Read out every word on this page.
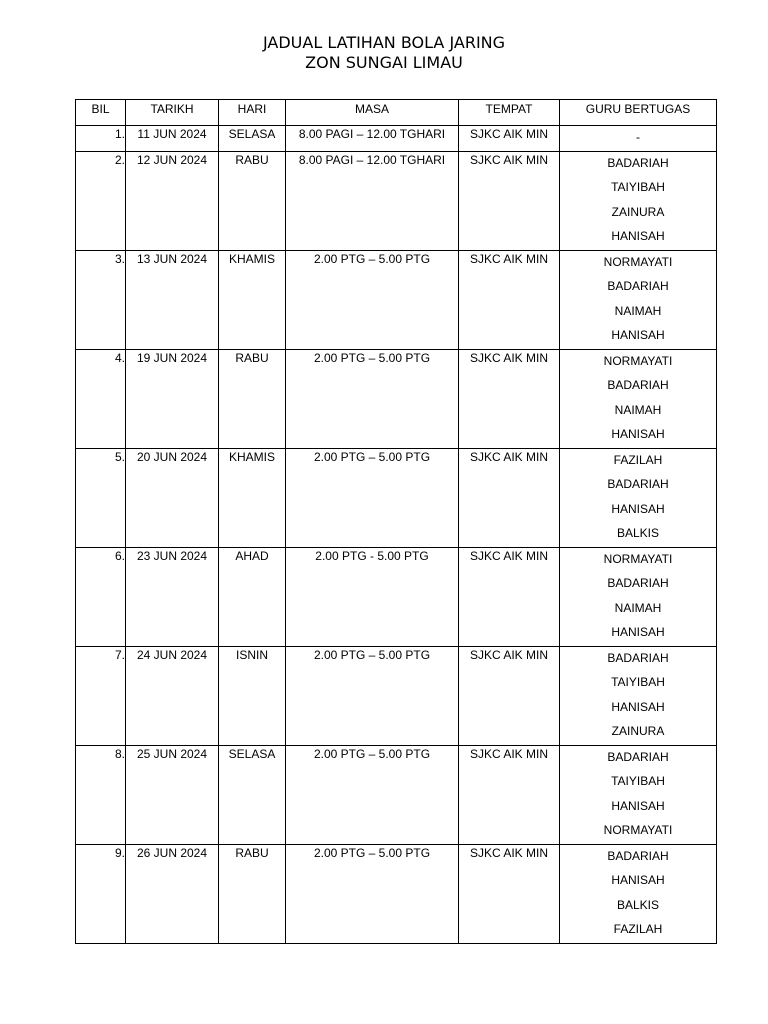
JADUAL LATIHAN BOLA JARING
ZON SUNGAI LIMAU
BIL	TARIKH	HARI	MASA	TEMPAT	GURU BERTUGAS
1.	11 JUN 2024	SELASA	8.00 PAGI – 12.00 TGHARI	SJKC AIK MIN	-

2.	12 JUN 2024	RABU	8.00 PAGI – 12.00 TGHARI	SJKC AIK MIN	BADARIAH
TAIYIBAH
ZAINURA
HANISAH

3.	13 JUN 2024	KHAMIS	2.00 PTG – 5.00 PTG	SJKC AIK MIN	NORMAYATI
BADARIAH
NAIMAH
HANISAH

4.	19 JUN 2024	RABU	2.00 PTG – 5.00 PTG	SJKC AIK MIN	NORMAYATI
BADARIAH
NAIMAH
HANISAH

5.	20 JUN 2024	KHAMIS	2.00 PTG – 5.00 PTG	SJKC AIK MIN	FAZILAH
BADARIAH
HANISAH
BALKIS

6.	23 JUN 2024	AHAD	2.00 PTG - 5.00 PTG	SJKC AIK MIN	NORMAYATI
BADARIAH
NAIMAH
HANISAH

7.	24 JUN 2024	ISNIN	2.00 PTG – 5.00 PTG	SJKC AIK MIN	BADARIAH
TAIYIBAH
HANISAH
ZAINURA

8.	25 JUN 2024	SELASA	2.00 PTG – 5.00 PTG	SJKC AIK MIN	BADARIAH
TAIYIBAH
HANISAH
NORMAYATI

9.	26 JUN 2024	RABU	2.00 PTG – 5.00 PTG	SJKC AIK MIN	BADARIAH
HANISAH
BALKIS
FAZILAH
